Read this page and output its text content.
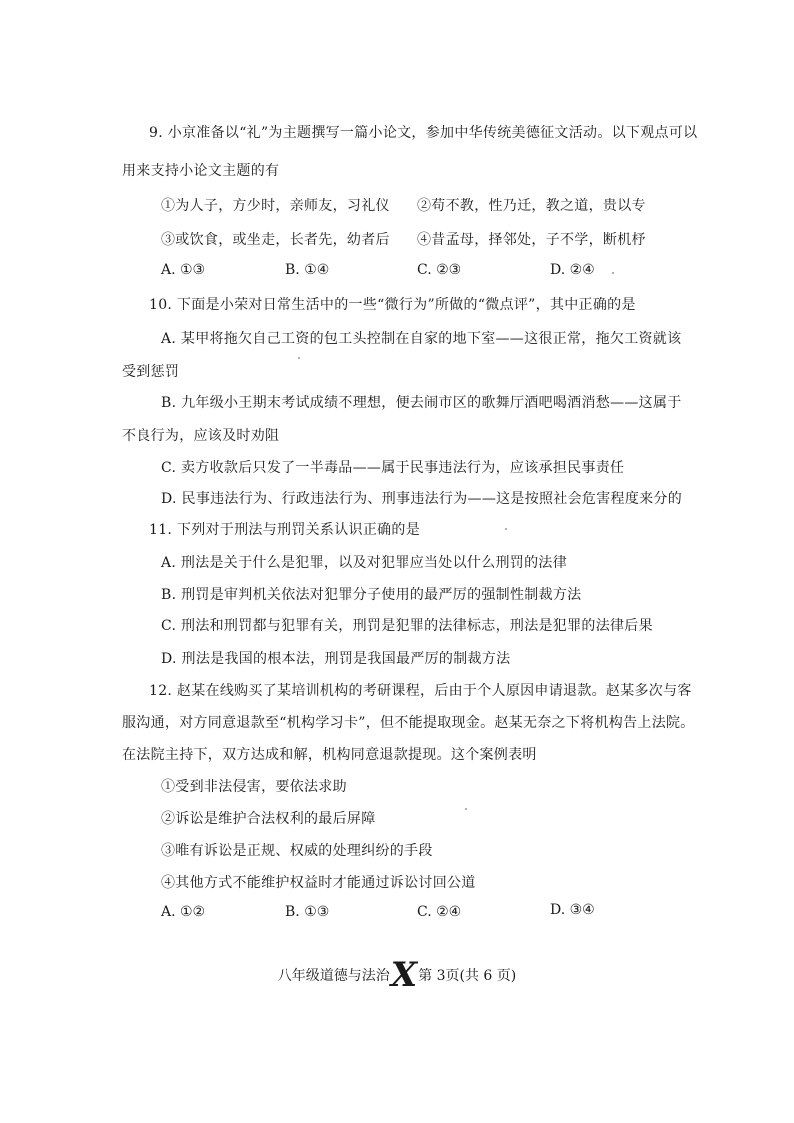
9. 小京准备以“礼”为主题撰写一篇小论文，参加中华传统美德征文活动。以下观点可以
用来支持小论文主题的有
①为人子，方少时，亲师友，习礼仪 ②苟不教，性乃迁，教之道，贵以专
③或饮食，或坐走，长者先，幼者后 ④昔孟母，择邻处，子不学，断机杼
A. ①③	B. ①④	C. ②③	D. ②④
10. 下面是小荣对日常生活中的一些“微行为”所做的“微点评”，其中正确的是
A. 某甲将拖欠自己工资的包工头控制在自家的地下室——这很正常，拖欠工资就该
受到惩罚
B. 九年级小王期末考试成绩不理想，便去闹市区的歌舞厅酒吧喝酒消愁——这属于
不良行为，应该及时劝阻
C. 卖方收款后只发了一半毒品——属于民事违法行为，应该承担民事责任
D. 民事违法行为、行政违法行为、刑事违法行为——这是按照社会危害程度来分的
11. 下列对于刑法与刑罚关系认识正确的是
A. 刑法是关于什么是犯罪，以及对犯罪应当处以什么刑罚的法律
B. 刑罚是审判机关依法对犯罪分子使用的最严厉的强制性制裁方法
C. 刑法和刑罚都与犯罪有关，刑罚是犯罪的法律标志，刑法是犯罪的法律后果
D. 刑法是我国的根本法，刑罚是我国最严厉的制裁方法
12. 赵某在线购买了某培训机构的考研课程，后由于个人原因申请退款。赵某多次与客
服沟通，对方同意退款至“机构学习卡”，但不能提取现金。赵某无奈之下将机构告上法院。
在法院主持下，双方达成和解，机构同意退款提现。这个案例表明
①受到非法侵害，要依法求助
②诉讼是维护合法权利的最后屏障
③唯有诉讼是正规、权威的处理纠纷的手段
④其他方式不能维护权益时才能通过诉讼讨回公道
A. ①②	B. ①③	C. ②④	D. ③④
八年级道德与法治X第 3页(共 6 页)
